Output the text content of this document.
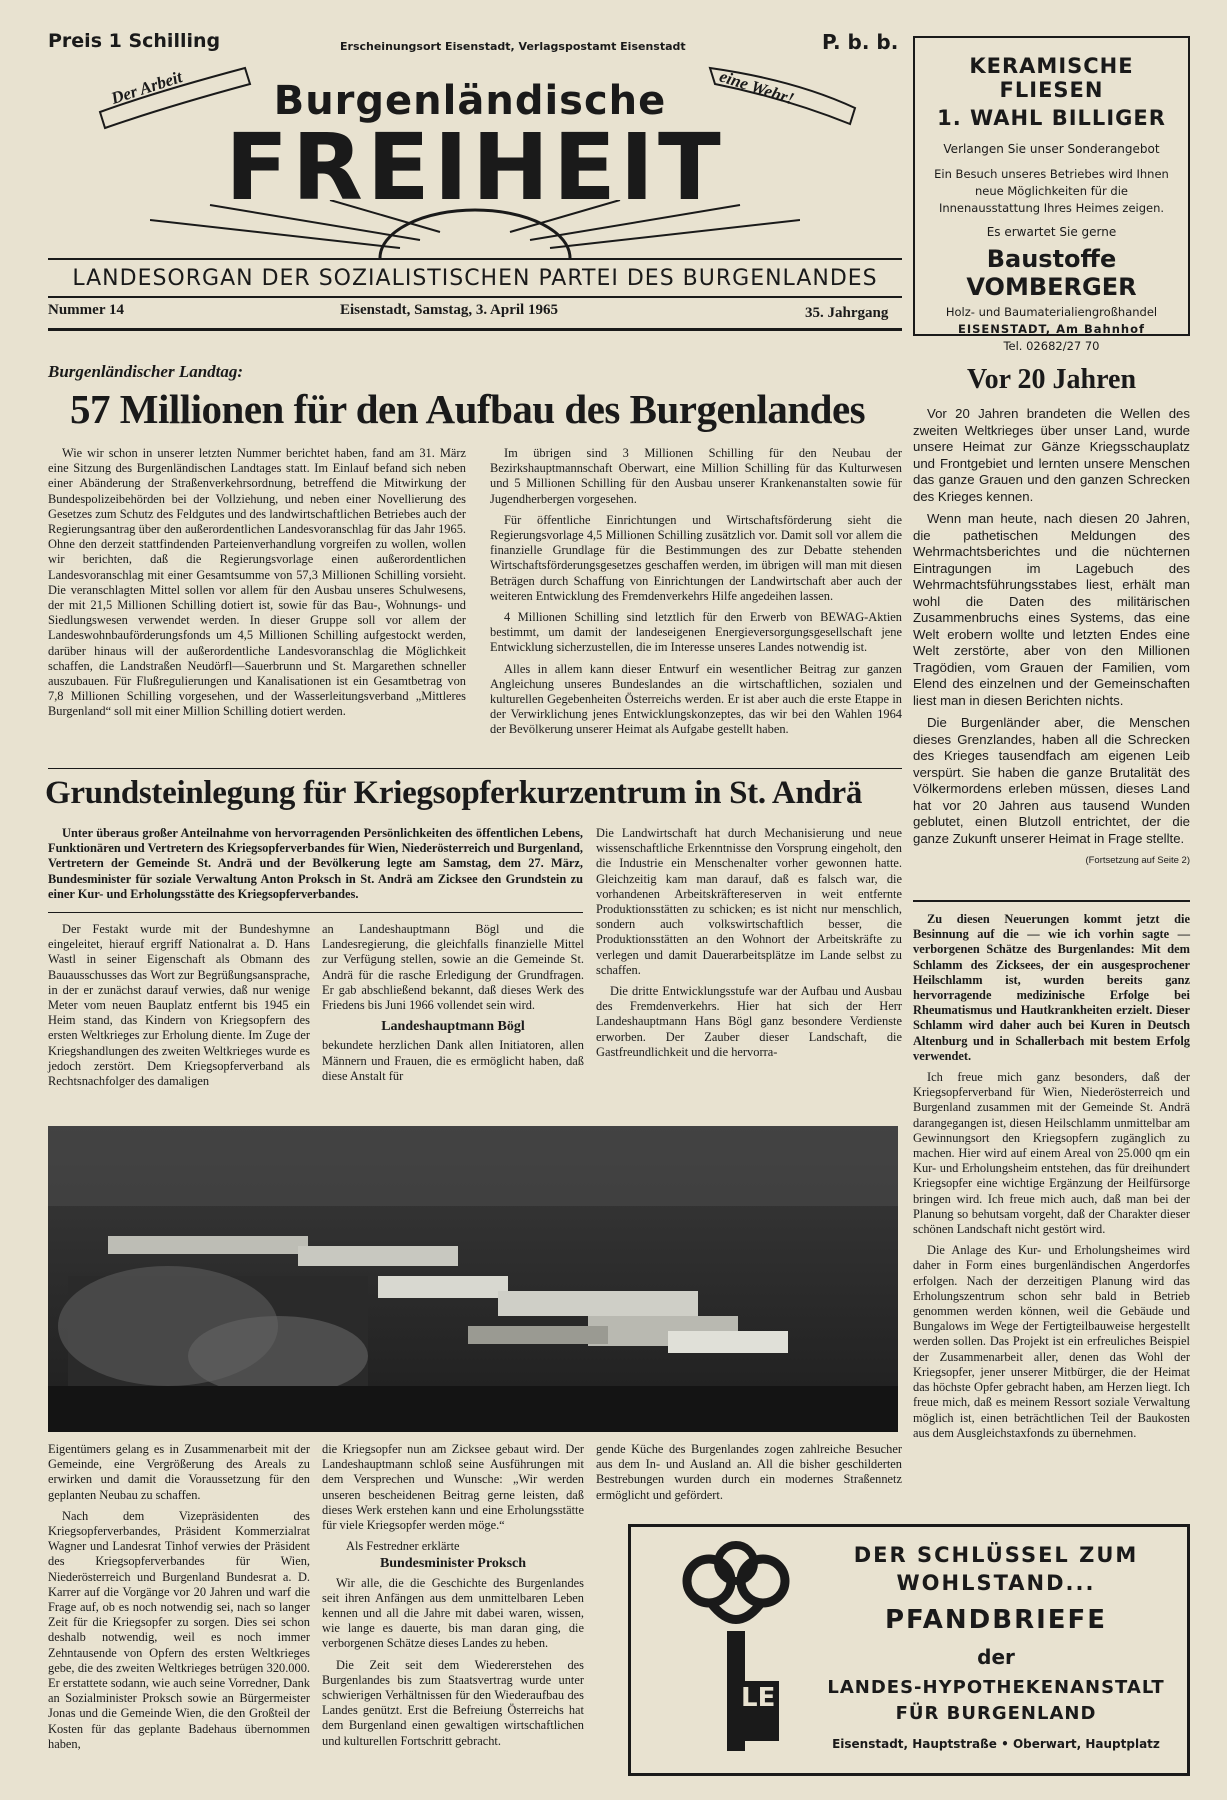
Preis 1 Schilling	Erscheinungsort Eisenstadt, Verlagspostamt Eisenstadt	P. b. b.
Der Arbeit	eine Wehr!
Burgenländische
FREIHEIT
LANDESORGAN DER SOZIALISTISCHEN PARTEI DES BURGENLANDES
Nummer 14	Eisenstadt, Samstag, 3. April 1965	35. Jahrgang
KERAMISCHE FLIESEN
1. WAHL BILLIGER
Verlangen Sie unser Sonderangebot
Ein Besuch unseres Betriebes wird Ihnen neue Möglichkeiten für die Innenausstattung Ihres Heimes zeigen.
Es erwartet Sie gerne
Baustoffe VOMBERGER
Holz- und Baumaterialiengroßhandel
EISENSTADT, Am Bahnhof
Tel. 02682/27 70
Burgenländischer Landtag:
57 Millionen für den Aufbau des Burgenlandes

Wie wir schon in unserer letzten Nummer berichtet haben, fand am 31. März eine Sitzung des Burgenländischen Landtages statt. Im Einlauf befand sich neben einer Abänderung der Straßenverkehrsordnung, betreffend die Mitwirkung der Bundespolizeibehörden bei der Vollziehung, und neben einer Novellierung des Gesetzes zum Schutz des Feldgutes und des landwirtschaftlichen Betriebes auch der Regierungsantrag über den außerordentlichen Landesvoranschlag für das Jahr 1965. Ohne den derzeit stattfindenden Parteienverhandlung vorgreifen zu wollen, wollen wir berichten, daß die Regierungsvorlage einen außerordentlichen Landesvoranschlag mit einer Gesamtsumme von 57,3 Millionen Schilling vorsieht. Die veranschlagten Mittel sollen vor allem für den Ausbau unseres Schulwesens, der mit 21,5 Millionen Schilling dotiert ist, sowie für das Bau-, Wohnungs- und Siedlungswesen verwendet werden. In dieser Gruppe soll vor allem der Landeswohnbauförderungsfonds um 4,5 Millionen Schilling aufgestockt werden, darüber hinaus will der außerordentliche Landesvoranschlag die Möglichkeit schaffen, die Landstraßen Neudörfl—Sauerbrunn und St. Margarethen schneller auszubauen. Für Flußregulierungen und Kanalisationen ist ein Gesamtbetrag von 7,8 Millionen Schilling vorgesehen, und der Wasserleitungsverband „Mittleres Burgenland“ soll mit einer Million Schilling dotiert werden.

Im übrigen sind 3 Millionen Schilling für den Neubau der Bezirkshauptmannschaft Oberwart, eine Million Schilling für das Kulturwesen und 5 Millionen Schilling für den Ausbau unserer Krankenanstalten sowie für Jugendherbergen vorgesehen.

Für öffentliche Einrichtungen und Wirtschaftsförderung sieht die Regierungsvorlage 4,5 Millionen Schilling zusätzlich vor. Damit soll vor allem die finanzielle Grundlage für die Bestimmungen des zur Debatte stehenden Wirtschaftsförderungsgesetzes geschaffen werden, im übrigen will man mit diesen Beträgen durch Schaffung von Einrichtungen der Landwirtschaft aber auch der weiteren Entwicklung des Fremdenverkehrs Hilfe angedeihen lassen.

4 Millionen Schilling sind letztlich für den Erwerb von BEWAG-Aktien bestimmt, um damit der landeseigenen Energieversorgungsgesellschaft jene Entwicklung sicherzustellen, die im Interesse unseres Landes notwendig ist.

Alles in allem kann dieser Entwurf ein wesentlicher Beitrag zur ganzen Angleichung unseres Bundeslandes an die wirtschaftlichen, sozialen und kulturellen Gegebenheiten Österreichs werden. Er ist aber auch die erste Etappe in der Verwirklichung jenes Entwicklungskonzeptes, das wir bei den Wahlen 1964 der Bevölkerung unserer Heimat als Aufgabe gestellt haben.

Vor 20 Jahren

Vor 20 Jahren brandeten die Wellen des zweiten Weltkrieges über unser Land, wurde unsere Heimat zur Gänze Kriegsschauplatz und Frontgebiet und lernten unsere Menschen das ganze Grauen und den ganzen Schrecken des Krieges kennen.

Wenn man heute, nach diesen 20 Jahren, die pathetischen Meldungen des Wehrmachtsberichtes und die nüchternen Eintragungen im Lagebuch des Wehrmachtsführungsstabes liest, erhält man wohl die Daten des militärischen Zusammenbruchs eines Systems, das eine Welt erobern wollte und letzten Endes eine Welt zerstörte, aber von den Millionen Tragödien, vom Grauen der Familien, vom Elend des einzelnen und der Gemeinschaften liest man in diesen Berichten nichts.

Die Burgenländer aber, die Menschen dieses Grenzlandes, haben all die Schrecken des Krieges tausendfach am eigenen Leib verspürt. Sie haben die ganze Brutalität des Völkermordens erleben müssen, dieses Land hat vor 20 Jahren aus tausend Wunden geblutet, einen Blutzoll entrichtet, der die ganze Zukunft unserer Heimat in Frage stellte.

(Fortsetzung auf Seite 2)
Grundsteinlegung für Kriegsopferkurzentrum in St. Andrä

Unter überaus großer Anteilnahme von hervorragenden Persönlichkeiten des öffentlichen Lebens, Funktionären und Vertretern des Kriegsopferverbandes für Wien, Niederösterreich und Burgenland, Vertretern der Gemeinde St. Andrä und der Bevölkerung legte am Samstag, dem 27. März, Bundesminister für soziale Verwaltung Anton Proksch in St. Andrä am Zicksee den Grundstein zu einer Kur- und Erholungsstätte des Kriegsopferverbandes.

Der Festakt wurde mit der Bundeshymne eingeleitet, hierauf ergriff Nationalrat a. D. Hans Wastl in seiner Eigenschaft als Obmann des Bauausschusses das Wort zur Begrüßungsansprache, in der er zunächst darauf verwies, daß nur wenige Meter vom neuen Bauplatz entfernt bis 1945 ein Heim stand, das Kindern von Kriegsopfern des ersten Weltkrieges zur Erholung diente. Im Zuge der Kriegshandlungen des zweiten Weltkrieges wurde es jedoch zerstört. Dem Kriegsopferverband als Rechtsnachfolger des damaligen

an Landeshauptmann Bögl und die Landesregierung, die gleichfalls finanzielle Mittel zur Verfügung stellen, sowie an die Gemeinde St. Andrä für die rasche Erledigung der Grundfragen. Er gab abschließend bekannt, daß dieses Werk des Friedens bis Juni 1966 vollendet sein wird.

Landeshauptmann Bögl

bekundete herzlichen Dank allen Initiatoren, allen Männern und Frauen, die es ermöglicht haben, daß diese Anstalt für

Die Landwirtschaft hat durch Mechanisierung und neue wissenschaftliche Erkenntnisse den Vorsprung eingeholt, den die Industrie ein Menschenalter vorher gewonnen hatte. Gleichzeitig kam man darauf, daß es falsch war, die vorhandenen Arbeitskräftereserven in weit entfernte Produktionsstätten zu schicken; es ist nicht nur menschlich, sondern auch volkswirtschaftlich besser, die Produktionsstätten an den Wohnort der Arbeitskräfte zu verlegen und damit Dauerarbeitsplätze im Lande selbst zu schaffen.

Die dritte Entwicklungsstufe war der Aufbau und Ausbau des Fremdenverkehrs. Hier hat sich der Herr Landeshauptmann Hans Bögl ganz besondere Verdienste erworben. Der Zauber dieser Landschaft, die Gastfreundlichkeit und die hervorra-

Eigentümers gelang es in Zusammenarbeit mit der Gemeinde, eine Vergrößerung des Areals zu erwirken und damit die Voraussetzung für den geplanten Neubau zu schaffen.

Nach dem Vizepräsidenten des Kriegsopferverbandes, Präsident Kommerzialrat Wagner und Landesrat Tinhof verwies der Präsident des Kriegsopferverbandes für Wien, Niederösterreich und Burgenland Bundesrat a. D. Karrer auf die Vorgänge vor 20 Jahren und warf die Frage auf, ob es noch notwendig sei, nach so langer Zeit für die Kriegsopfer zu sorgen. Dies sei schon deshalb notwendig, weil es noch immer Zehntausende von Opfern des ersten Weltkrieges gebe, die des zweiten Weltkrieges betrügen 320.000. Er erstattete sodann, wie auch seine Vorredner, Dank an Sozialminister Proksch sowie an Bürgermeister Jonas und die Gemeinde Wien, die den Großteil der Kosten für das geplante Badehaus übernommen haben,

die Kriegsopfer nun am Zicksee gebaut wird. Der Landeshauptmann schloß seine Ausführungen mit dem Versprechen und Wunsche: „Wir werden unseren bescheidenen Beitrag gerne leisten, daß dieses Werk erstehen kann und eine Erholungsstätte für viele Kriegsopfer werden möge.“

Als Festredner erklärte
Bundesminister Proksch

Wir alle, die die Geschichte des Burgenlandes seit ihren Anfängen aus dem unmittelbaren Leben kennen und all die Jahre mit dabei waren, wissen, wie lange es dauerte, bis man daran ging, die verborgenen Schätze dieses Landes zu heben.

Die Zeit seit dem Wiedererstehen des Burgenlandes bis zum Staatsvertrag wurde unter schwierigen Verhältnissen für den Wiederaufbau des Landes genützt. Erst die Befreiung Österreichs hat dem Burgenland einen gewaltigen wirtschaftlichen und kulturellen Fortschritt gebracht.

gende Küche des Burgenlandes zogen zahlreiche Besucher aus dem In- und Ausland an. All die bisher geschilderten Bestrebungen wurden durch ein modernes Straßennetz ermöglicht und gefördert.

Zu diesen Neuerungen kommt jetzt die Besinnung auf die — wie ich vorhin sagte — verborgenen Schätze des Burgenlandes: Mit dem Schlamm des Zicksees, der ein ausgesprochener Heilschlamm ist, wurden bereits ganz hervorragende medizinische Erfolge bei Rheumatismus und Hautkrankheiten erzielt. Dieser Schlamm wird daher auch bei Kuren in Deutsch Altenburg und in Schallerbach mit bestem Erfolg verwendet.

Ich freue mich ganz besonders, daß der Kriegsopferverband für Wien, Niederösterreich und Burgenland zusammen mit der Gemeinde St. Andrä darangegangen ist, diesen Heilschlamm unmittelbar am Gewinnungsort den Kriegsopfern zugänglich zu machen. Hier wird auf einem Areal von 25.000 qm ein Kur- und Erholungsheim entstehen, das für dreihundert Kriegsopfer eine wichtige Ergänzung der Heilfürsorge bringen wird. Ich freue mich auch, daß man bei der Planung so behutsam vorgeht, daß der Charakter dieser schönen Landschaft nicht gestört wird.

Die Anlage des Kur- und Erholungsheimes wird daher in Form eines burgenländischen Angerdorfes erfolgen. Nach der derzeitigen Planung wird das Erholungszentrum schon sehr bald in Betrieb genommen werden können, weil die Gebäude und Bungalows im Wege der Fertigteilbauweise hergestellt werden sollen. Das Projekt ist ein erfreuliches Beispiel der Zusammenarbeit aller, denen das Wohl der Kriegsopfer, jener unserer Mitbürger, die der Heimat das höchste Opfer gebracht haben, am Herzen liegt. Ich freue mich, daß es meinem Ressort soziale Verwaltung möglich ist, einen beträchtlichen Teil der Baukosten aus dem Ausgleichstaxfonds zu übernehmen.

LE
DER SCHLÜSSEL ZUM
WOHLSTAND...
PFANDBRIEFE
der
LANDES-HYPOTHEKENANSTALT
FÜR BURGENLAND
Eisenstadt, Hauptstraße • Oberwart, Hauptplatz
